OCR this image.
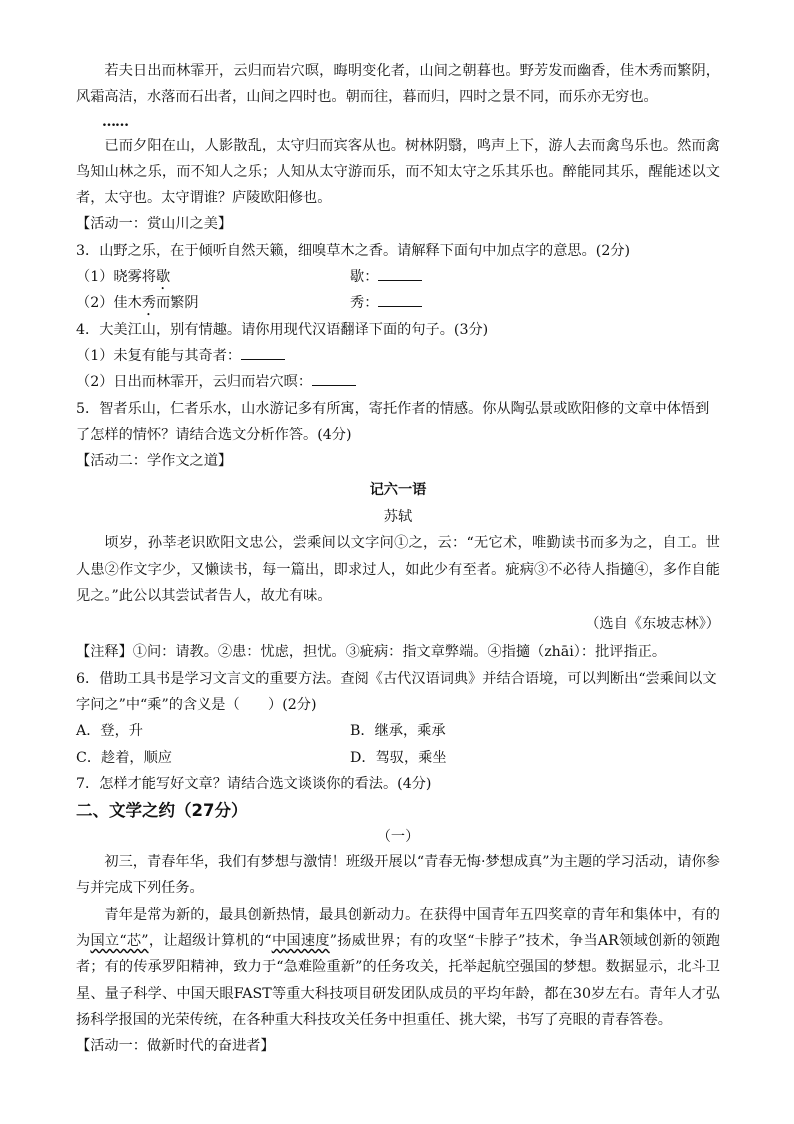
若夫日出而林霏开，云归而岩穴暝，晦明变化者，山间之朝暮也。野芳发而幽香，佳木秀而繁阴，风霜高洁，水落而石出者，山间之四时也。朝而往，暮而归，四时之景不同，而乐亦无穷也。

……

已而夕阳在山，人影散乱，太守归而宾客从也。树林阴翳，鸣声上下，游人去而禽鸟乐也。然而禽鸟知山林之乐，而不知人之乐；人知从太守游而乐，而不知太守之乐其乐也。醉能同其乐，醒能述以文者，太守也。太守谓谁？庐陵欧阳修也。

【活动一：赏山川之美】

3．山野之乐，在于倾听自然天籁，细嗅草木之香。请解释下面句中加点字的意思。(2分)

（1）晓雾将歇	歇：
（2）佳木秀而繁阴	秀：

4．大美江山，别有情趣。请你用现代汉语翻译下面的句子。(3分)

（1）未复有能与其奇者：

（2）日出而林霏开，云归而岩穴暝：

5．智者乐山，仁者乐水，山水游记多有所寓，寄托作者的情感。你从陶弘景或欧阳修的文章中体悟到了怎样的情怀？请结合选文分析作答。(4分)

【活动二：学作文之道】

记六一语

苏轼

顷岁，孙莘老识欧阳文忠公，尝乘间以文字问①之，云：“无它术，唯勤读书而多为之，自工。世人患②作文字少，又懒读书，每一篇出，即求过人，如此少有至者。疵病③不必待人指擿④，多作自能见之。”此公以其尝试者告人，故尤有味。

（选自《东坡志林》）

【注释】①问：请教。②患：忧虑，担忧。③疵病：指文章弊端。④指擿（zhāi）：批评指正。

6．借助工具书是学习文言文的重要方法。查阅《古代汉语词典》并结合语境，可以判断出“尝乘间以文字问之”中“乘”的含义是（　　）(2分)

A．登，升	B．继承，乘承
C．趁着，顺应	D．驾驭，乘坐

7．怎样才能写好文章？请结合选文谈谈你的看法。(4分)

二、文学之约（27分）

（一）

初三，青春年华，我们有梦想与激情！班级开展以“青春无悔·梦想成真”为主题的学习活动，请你参与并完成下列任务。

青年是常为新的，最具创新热情，最具创新动力。在获得中国青年五四奖章的青年和集体中，有的为国立“芯”，让超级计算机的“中国速度”扬威世界；有的攻坚“卡脖子”技术，争当AR领域创新的领跑者；有的传承罗阳精神，致力于“急难险重新”的任务攻关，托举起航空强国的梦想。数据显示，北斗卫星、量子科学、中国天眼FAST等重大科技项目研发团队成员的平均年龄，都在30岁左右。青年人才弘扬科学报国的光荣传统，在各种重大科技攻关任务中担重任、挑大梁，书写了亮眼的青春答卷。

【活动一：做新时代的奋进者】
